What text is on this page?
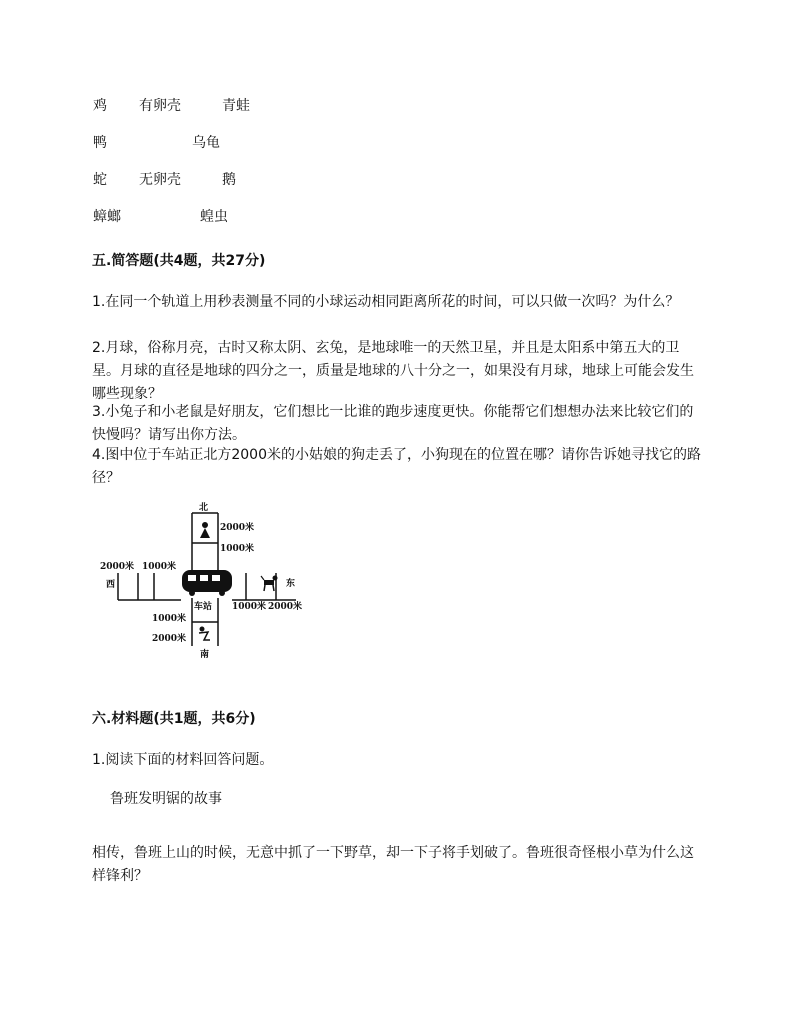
鸡 有卵壳	青蛙
鸭	乌龟
蛇 无卵壳	鹅
蟑螂	蝗虫
五.简答题(共4题，共27分)
1.在同一个轨道上用秒表测量不同的小球运动相同距离所花的时间，可以只做一次吗？为什么？
2.月球，俗称月亮，古时又称太阴、玄兔，是地球唯一的天然卫星，并且是太阳系中第五大的卫星。月球的直径是地球的四分之一，质量是地球的八十分之一，如果没有月球，地球上可能会发生哪些现象？
3.小兔子和小老鼠是好朋友，它们想比一比谁的跑步速度更快。你能帮它们想想办法来比较它们的快慢吗？请写出你方法。
4.图中位于车站正北方2000米的小姑娘的狗走丢了，小狗现在的位置在哪？请你告诉她寻找它的路径？
北
2000米
1000米
2000米 1000米
西	东
车站 1000米 2000米
1000米
2000米
南
六.材料题(共1题，共6分)
1.阅读下面的材料回答问题。
鲁班发明锯的故事
相传，鲁班上山的时候，无意中抓了一下野草，却一下子将手划破了。鲁班很奇怪根小草为什么这样锋利？
